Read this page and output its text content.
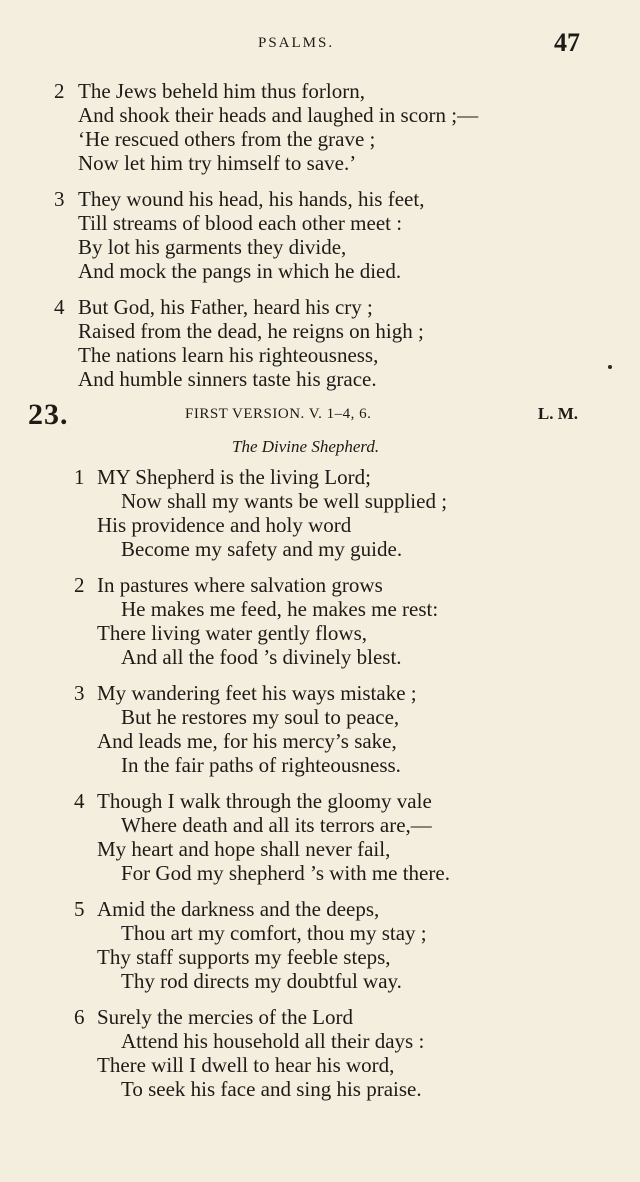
PSALMS.	47
2 The Jews beheld him thus forlorn,
And shook their heads and laughed in scorn ;—
‘He rescued others from the grave ;
Now let him try himself to save.’
3 They wound his head, his hands, his feet,
Till streams of blood each other meet :
By lot his garments they divide,
And mock the pangs in which he died.
4 But God, his Father, heard his cry ;
Raised from the dead, he reigns on high ;
The nations learn his righteousness,
And humble sinners taste his grace.
23.	FIRST VERSION. V. 1–4, 6.	L. M.
The Divine Shepherd.
1 MY Shepherd is the living Lord;
Now shall my wants be well supplied ;
His providence and holy word
Become my safety and my guide.
2 In pastures where salvation grows
He makes me feed, he makes me rest:
There living water gently flows,
And all the food ’s divinely blest.
3 My wandering feet his ways mistake ;
But he restores my soul to peace,
And leads me, for his mercy’s sake,
In the fair paths of righteousness.
4 Though I walk through the gloomy vale
Where death and all its terrors are,—
My heart and hope shall never fail,
For God my shepherd ’s with me there.
5 Amid the darkness and the deeps,
Thou art my comfort, thou my stay ;
Thy staff supports my feeble steps,
Thy rod directs my doubtful way.
6 Surely the mercies of the Lord
Attend his household all their days :
There will I dwell to hear his word,
To seek his face and sing his praise.
